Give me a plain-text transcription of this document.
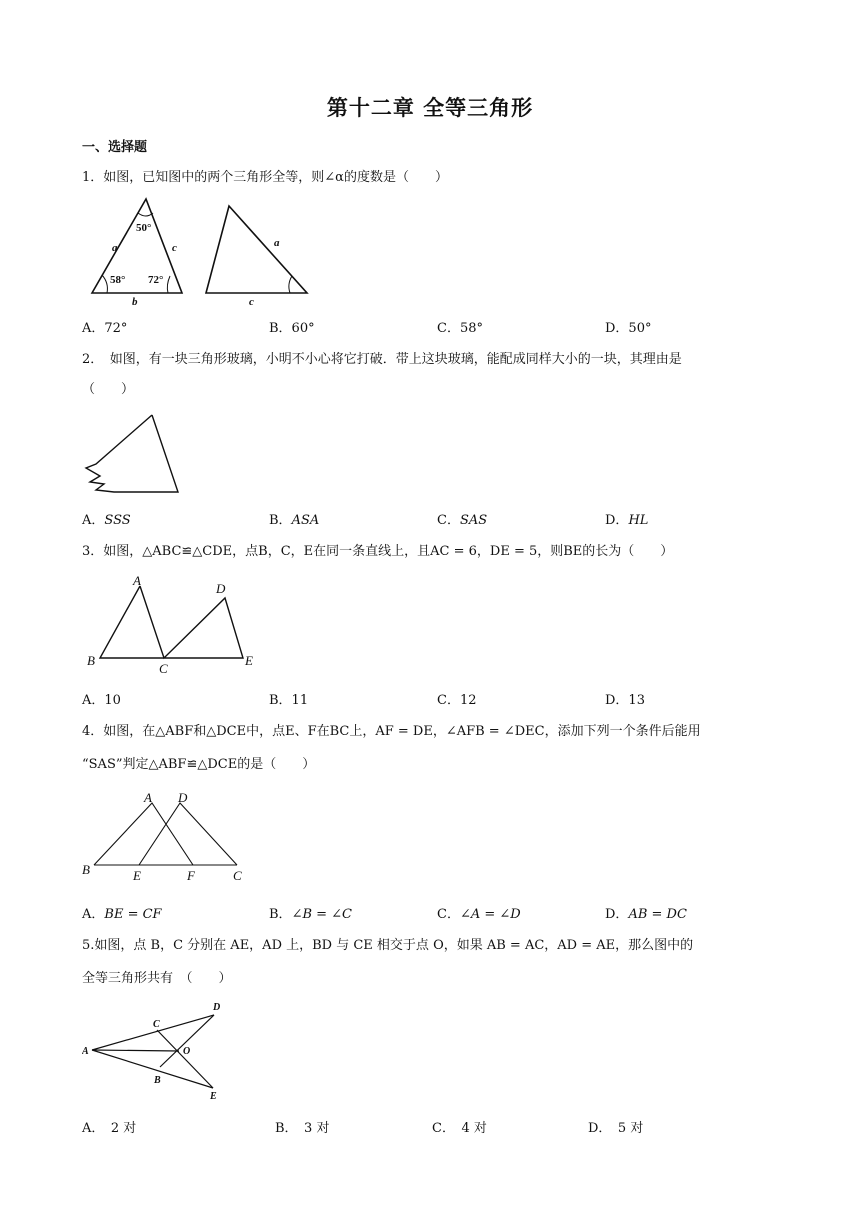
第十二章 全等三角形
一、选择题
1．如图，已知图中的两个三角形全等，则∠α的度数是（　　）
50°
58° 72°
a	c
b
a
c
A．72°	B．60°	C．58°	D．50°
2．　如图，有一块三角形玻璃，小明不小心将它打破．带上这块玻璃，能配成同样大小的一块，其理由是
（　　）
A．SSS	B．ASA	C．SAS	D．HL
3．如图，△ABC≌△CDE，点B，C，E在同一条直线上，且AC = 6，DE = 5，则BE的长为（　　）
A
B
C
D
E
A．10	B．11	C．12	D．13
4．如图，在△ABF和△DCE中，点E、F在BC上，AF = DE，∠AFB = ∠DEC，添加下列一个条件后能用
“SAS”判定△ABF≌△DCE的是（　　）
A D
B	E	F	C
A．BE = CF	B．∠B = ∠C	C．∠A = ∠D	D．AB = DC
5.如图，点 B，C 分别在 AE，AD 上，BD 与 CE 相交于点 O，如果 AB = AC，AD = AE，那么图中的
全等三角形共有　（　　）
A
C
D
O
B
E
A．　2 对	B．　3 对	C．　4 对	D．　5 对
